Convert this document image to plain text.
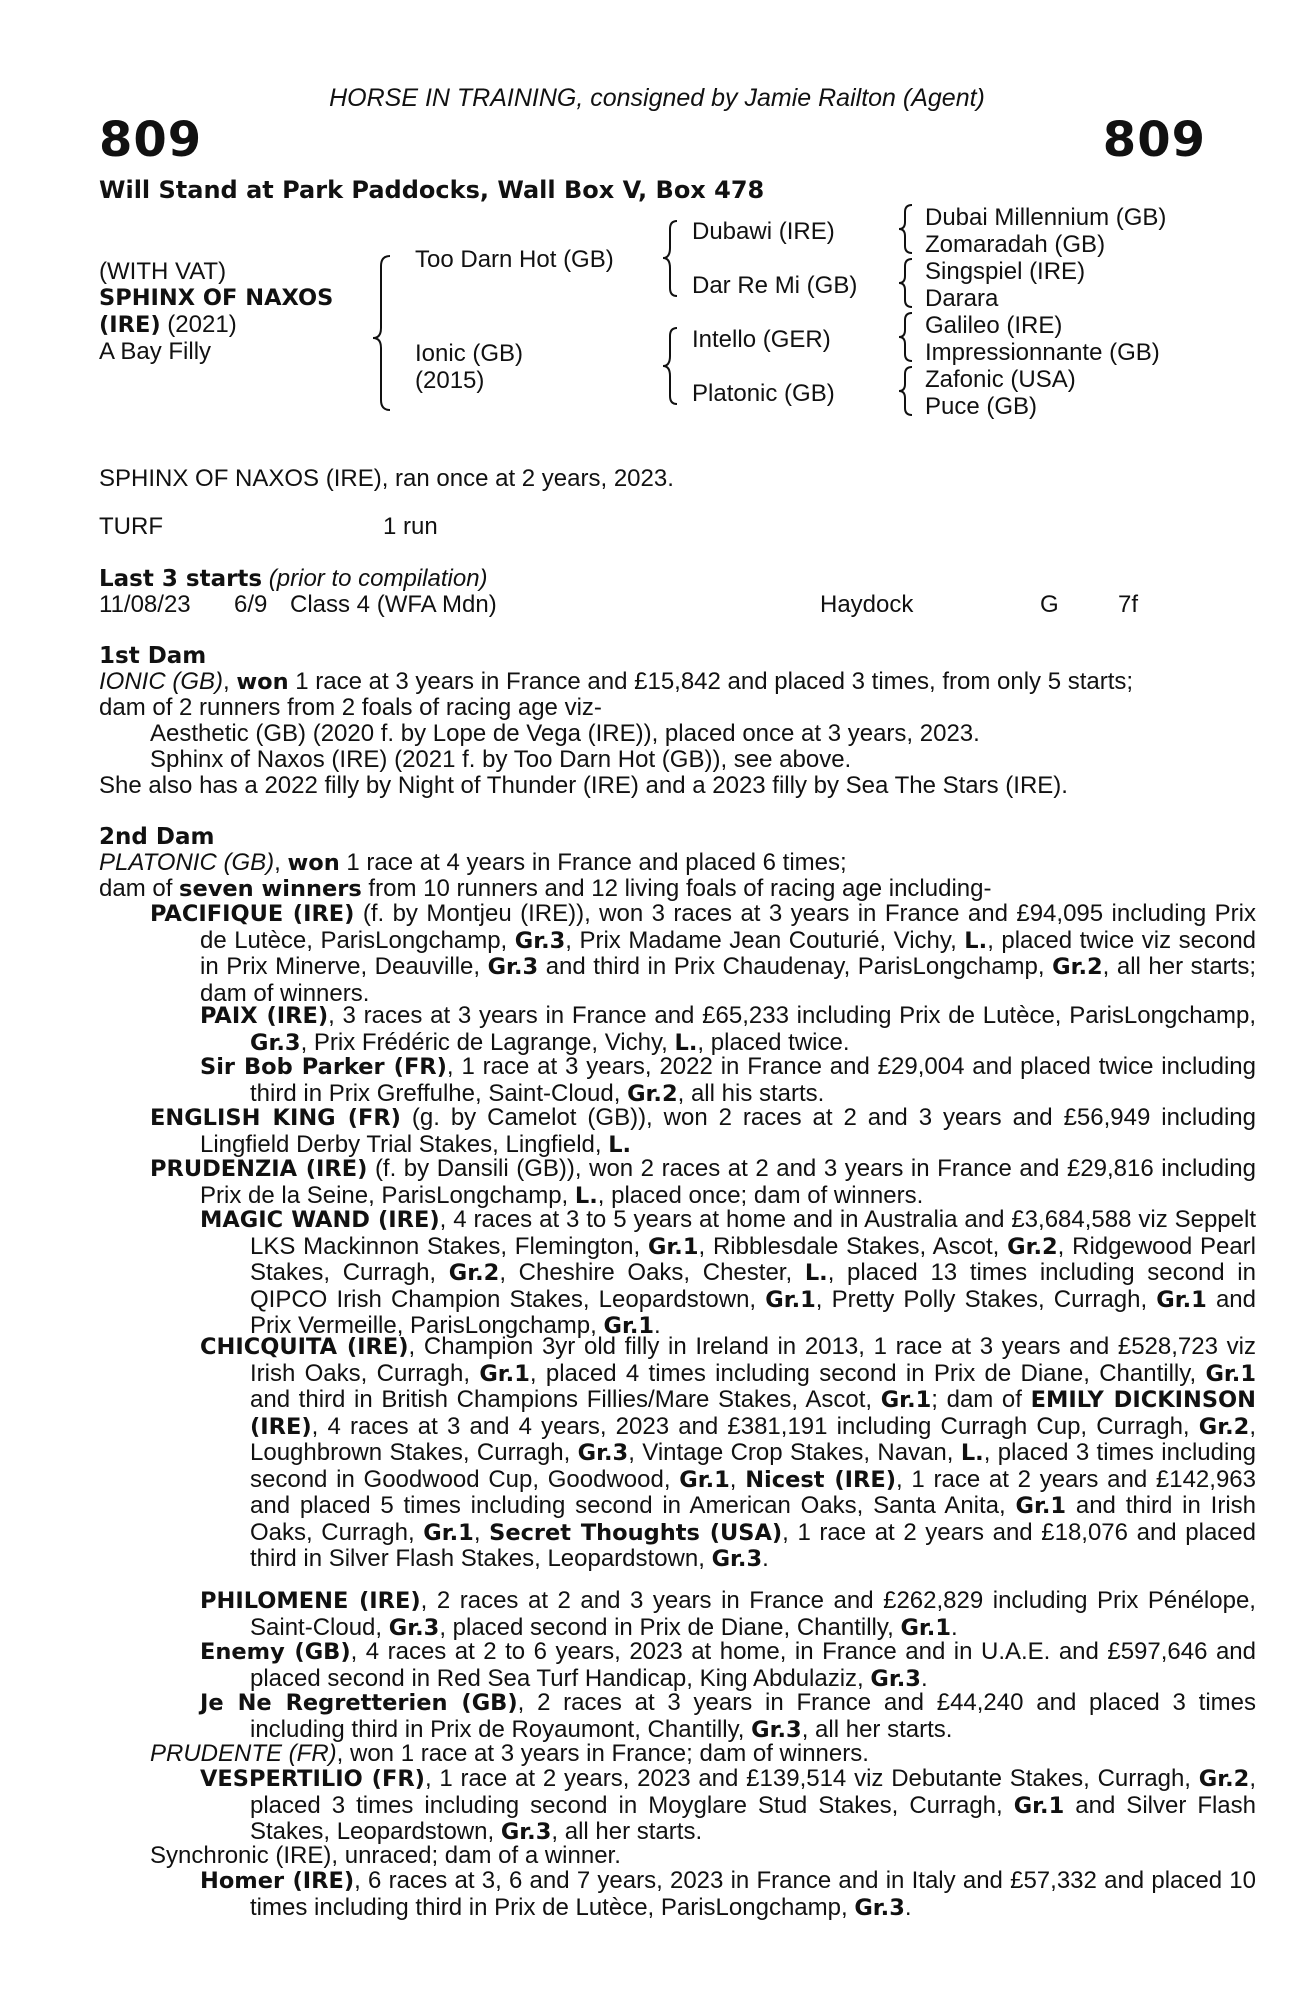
HORSE IN TRAINING, consigned by Jamie Railton (Agent)
809	809
Will Stand at Park Paddocks, Wall Box V, Box 478
(WITH VAT)
SPHINX OF NAXOS
(IRE) (2021)
A Bay Filly
Too Darn Hot (GB)
Ionic (GB)
(2015)
Dubawi (IRE)
Dar Re Mi (GB)
Intello (GER)
Platonic (GB)
Dubai Millennium (GB)
Zomaradah (GB)
Singspiel (IRE)
Darara
Galileo (IRE)
Impressionnante (GB)
Zafonic (USA)
Puce (GB)
SPHINX OF NAXOS (IRE), ran once at 2 years, 2023.
TURF	1 run
Last 3 starts (prior to compilation)
11/08/23 6/9 Class 4 (WFA Mdn)	Haydock	G 7f
1st Dam
IONIC (GB), won 1 race at 3 years in France and £15,842 and placed 3 times, from only 5 starts;
dam of 2 runners from 2 foals of racing age viz-
Aesthetic (GB) (2020 f. by Lope de Vega (IRE)), placed once at 3 years, 2023.
Sphinx of Naxos (IRE) (2021 f. by Too Darn Hot (GB)), see above.
She also has a 2022 filly by Night of Thunder (IRE) and a 2023 filly by Sea The Stars (IRE).
2nd Dam
PLATONIC (GB), won 1 race at 4 years in France and placed 6 times;
dam of seven winners from 10 runners and 12 living foals of racing age including-

PACIFIQUE (IRE) (f. by Montjeu (IRE)), won 3 races at 3 years in France and £94,095 including Prix de Lutèce, ParisLongchamp, Gr.3, Prix Madame Jean Couturié, Vichy, L., placed twice viz second in Prix Minerve, Deauville, Gr.3 and third in Prix Chaudenay, ParisLongchamp, Gr.2, all her starts; dam of winners.

PAIX (IRE), 3 races at 3 years in France and £65,233 including Prix de Lutèce, ParisLongchamp, Gr.3, Prix Frédéric de Lagrange, Vichy, L., placed twice.

Sir Bob Parker (FR), 1 race at 3 years, 2022 in France and £29,004 and placed twice including third in Prix Greffulhe, Saint-Cloud, Gr.2, all his starts.

ENGLISH KING (FR) (g. by Camelot (GB)), won 2 races at 2 and 3 years and £56,949 including Lingfield Derby Trial Stakes, Lingfield, L.

PRUDENZIA (IRE) (f. by Dansili (GB)), won 2 races at 2 and 3 years in France and £29,816 including Prix de la Seine, ParisLongchamp, L., placed once; dam of winners.

MAGIC WAND (IRE), 4 races at 3 to 5 years at home and in Australia and £3,684,588 viz Seppelt LKS Mackinnon Stakes, Flemington, Gr.1, Ribblesdale Stakes, Ascot, Gr.2, Ridgewood Pearl Stakes, Curragh, Gr.2, Cheshire Oaks, Chester, L., placed 13 times including second in QIPCO Irish Champion Stakes, Leopardstown, Gr.1, Pretty Polly Stakes, Curragh, Gr.1 and Prix Vermeille, ParisLongchamp, Gr.1.

CHICQUITA (IRE), Champion 3yr old filly in Ireland in 2013, 1 race at 3 years and £528,723 viz Irish Oaks, Curragh, Gr.1, placed 4 times including second in Prix de Diane, Chantilly, Gr.1 and third in British Champions Fillies/Mare Stakes, Ascot, Gr.1; dam of EMILY DICKINSON (IRE), 4 races at 3 and 4 years, 2023 and £381,191 including Curragh Cup, Curragh, Gr.2, Loughbrown Stakes, Curragh, Gr.3, Vintage Crop Stakes, Navan, L., placed 3 times including second in Goodwood Cup, Goodwood, Gr.1, Nicest (IRE), 1 race at 2 years and £142,963 and placed 5 times including second in American Oaks, Santa Anita, Gr.1 and third in Irish Oaks, Curragh, Gr.1, Secret Thoughts (USA), 1 race at 2 years and £18,076 and placed third in Silver Flash Stakes, Leopardstown, Gr.3.

PHILOMENE (IRE), 2 races at 2 and 3 years in France and £262,829 including Prix Pénélope, Saint-Cloud, Gr.3, placed second in Prix de Diane, Chantilly, Gr.1.

Enemy (GB), 4 races at 2 to 6 years, 2023 at home, in France and in U.A.E. and £597,646 and placed second in Red Sea Turf Handicap, King Abdulaziz, Gr.3.

Je Ne Regretterien (GB), 2 races at 3 years in France and £44,240 and placed 3 times including third in Prix de Royaumont, Chantilly, Gr.3, all her starts.

PRUDENTE (FR), won 1 race at 3 years in France; dam of winners.

VESPERTILIO (FR), 1 race at 2 years, 2023 and £139,514 viz Debutante Stakes, Curragh, Gr.2, placed 3 times including second in Moyglare Stud Stakes, Curragh, Gr.1 and Silver Flash Stakes, Leopardstown, Gr.3, all her starts.

Synchronic (IRE), unraced; dam of a winner.

Homer (IRE), 6 races at 3, 6 and 7 years, 2023 in France and in Italy and £57,332 and placed 10 times including third in Prix de Lutèce, ParisLongchamp, Gr.3.
